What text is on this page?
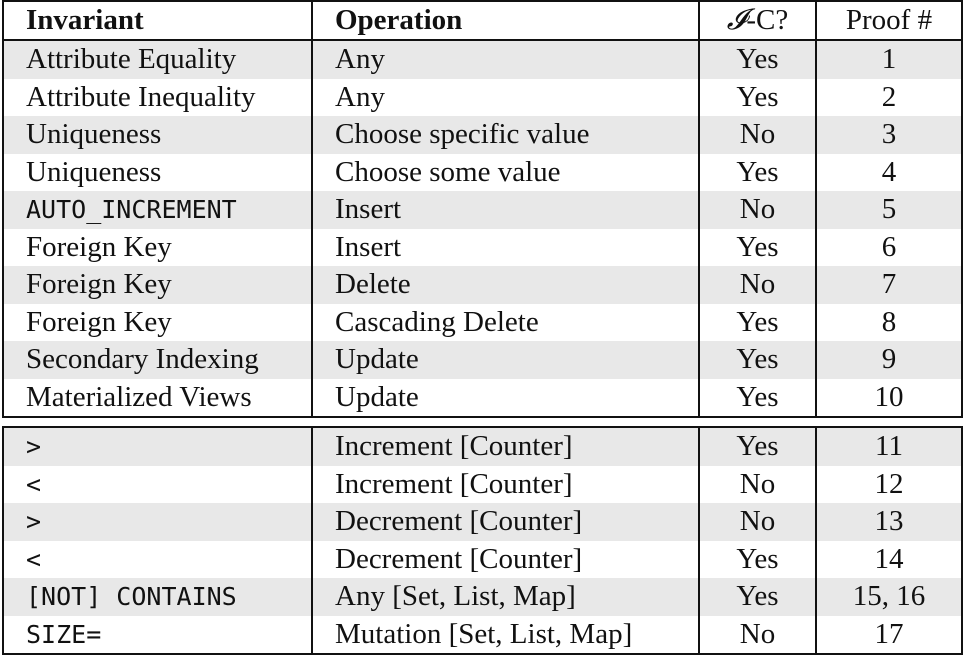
Invariant	Operation	𝓘-C?	Proof #
Attribute Equality	Any	Yes	1
Attribute Inequality	Any	Yes	2
Uniqueness	Choose specific value	No	3
Uniqueness	Choose some value	Yes	4
AUTO_INCREMENT	Insert	No	5
Foreign Key	Insert	Yes	6
Foreign Key	Delete	No	7
Foreign Key	Cascading Delete	Yes	8
Secondary Indexing	Update	Yes	9
Materialized Views	Update	Yes	10
>	Increment [Counter]	Yes	11
<	Increment [Counter]	No	12
>	Decrement [Counter]	No	13
<	Decrement [Counter]	Yes	14
[NOT] CONTAINS	Any [Set, List, Map]	Yes	15, 16
SIZE=	Mutation [Set, List, Map]	No	17
